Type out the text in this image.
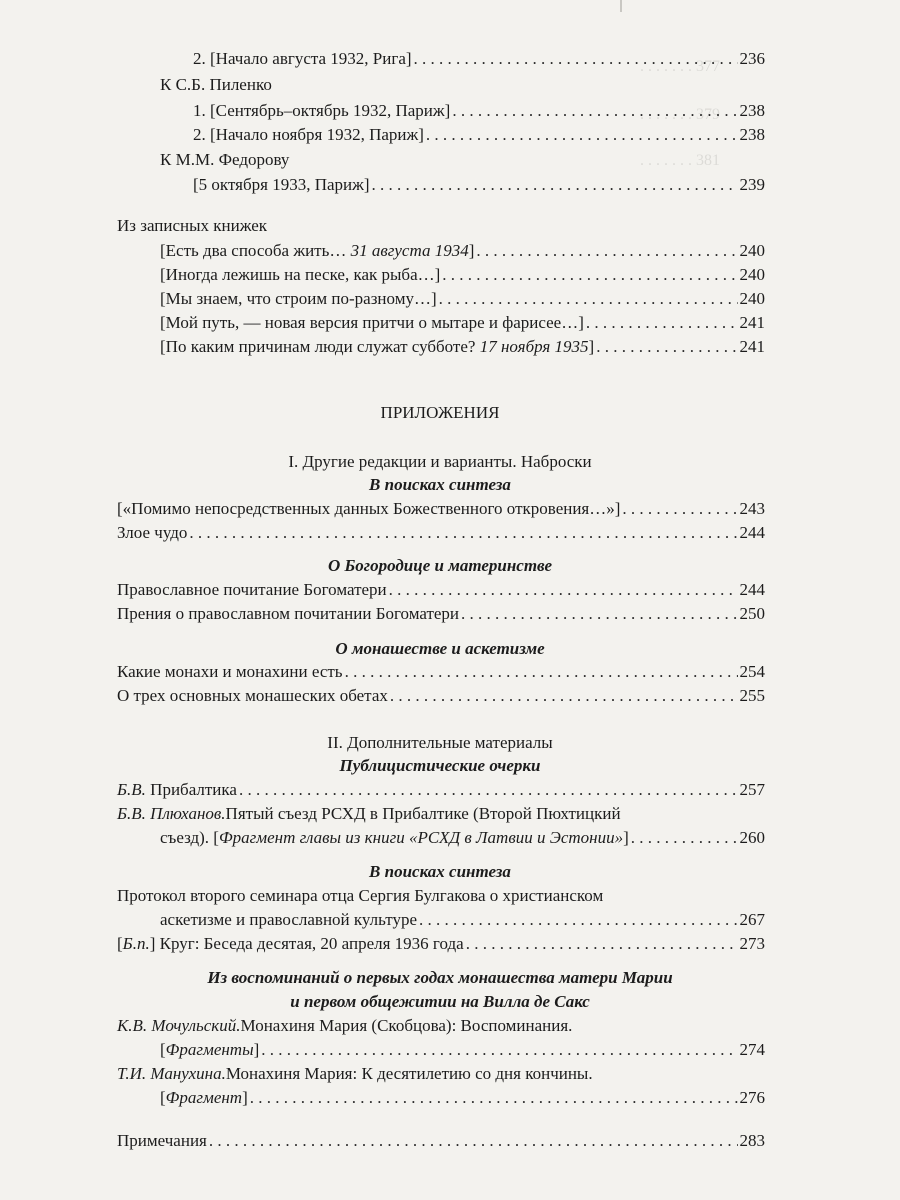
. . . . . . . 377
. . . . . . . 379
. . . . . . . 381
2. [Начало августа 1932, Рига] . . .	236
К С.Б. Пиленко
1. [Сентябрь–октябрь 1932, Париж] . . .	238
2. [Начало ноября 1932, Париж] . . .	238
К М.М. Федорову
[5 октября 1933, Париж] . . .	239
Из записных книжек
[Есть два способа жить… 31 августа 1934] . . .	240
[Иногда лежишь на песке, как рыба…] . . .	240
[Мы знаем, что строим по-разному…] . . .	240
[Мой путь, — новая версия притчи о мытаре и фарисее…] . . .	241
[По каким причинам люди служат субботе? 17 ноября 1935] . . .	241
ПРИЛОЖЕНИЯ
I. Другие редакции и варианты. Наброски
В поисках синтеза
[«Помимо непосредственных данных Божественного откровения…»] . . .	243
Злое чудо . . .	244
О Богородице и материнстве
Православное почитание Богоматери . . .	244
Прения о православном почитании Богоматери . . .	250
О монашестве и аскетизме
Какие монахи и монахини есть . . .	254
О трех основных монашеских обетах . . .	255
II. Дополнительные материалы
Публицистические очерки
Б.В. Прибалтика . . .	257
Б.В. Плюханов. Пятый съезд РСХД в Прибалтике (Второй Пюхтицкий
съезд). [Фрагмент главы из книги «РСХД в Латвии и Эстонии»] . . .	260
В поисках синтеза
Протокол второго семинара отца Сергия Булгакова о христианском
аскетизме и православной культуре . . .	267
[Б.п.] Круг: Беседа десятая, 20 апреля 1936 года . . .	273
Из воспоминаний о первых годах монашества матери Марии
и первом общежитии на Вилла де Сакс
К.В. Мочульский. Монахиня Мария (Скобцова): Воспоминания.
[Фрагменты] . . .	274
Т.И. Манухина. Монахиня Мария: К десятилетию со дня кончины.
[Фрагмент] . . .	276
Примечания . . .	283
